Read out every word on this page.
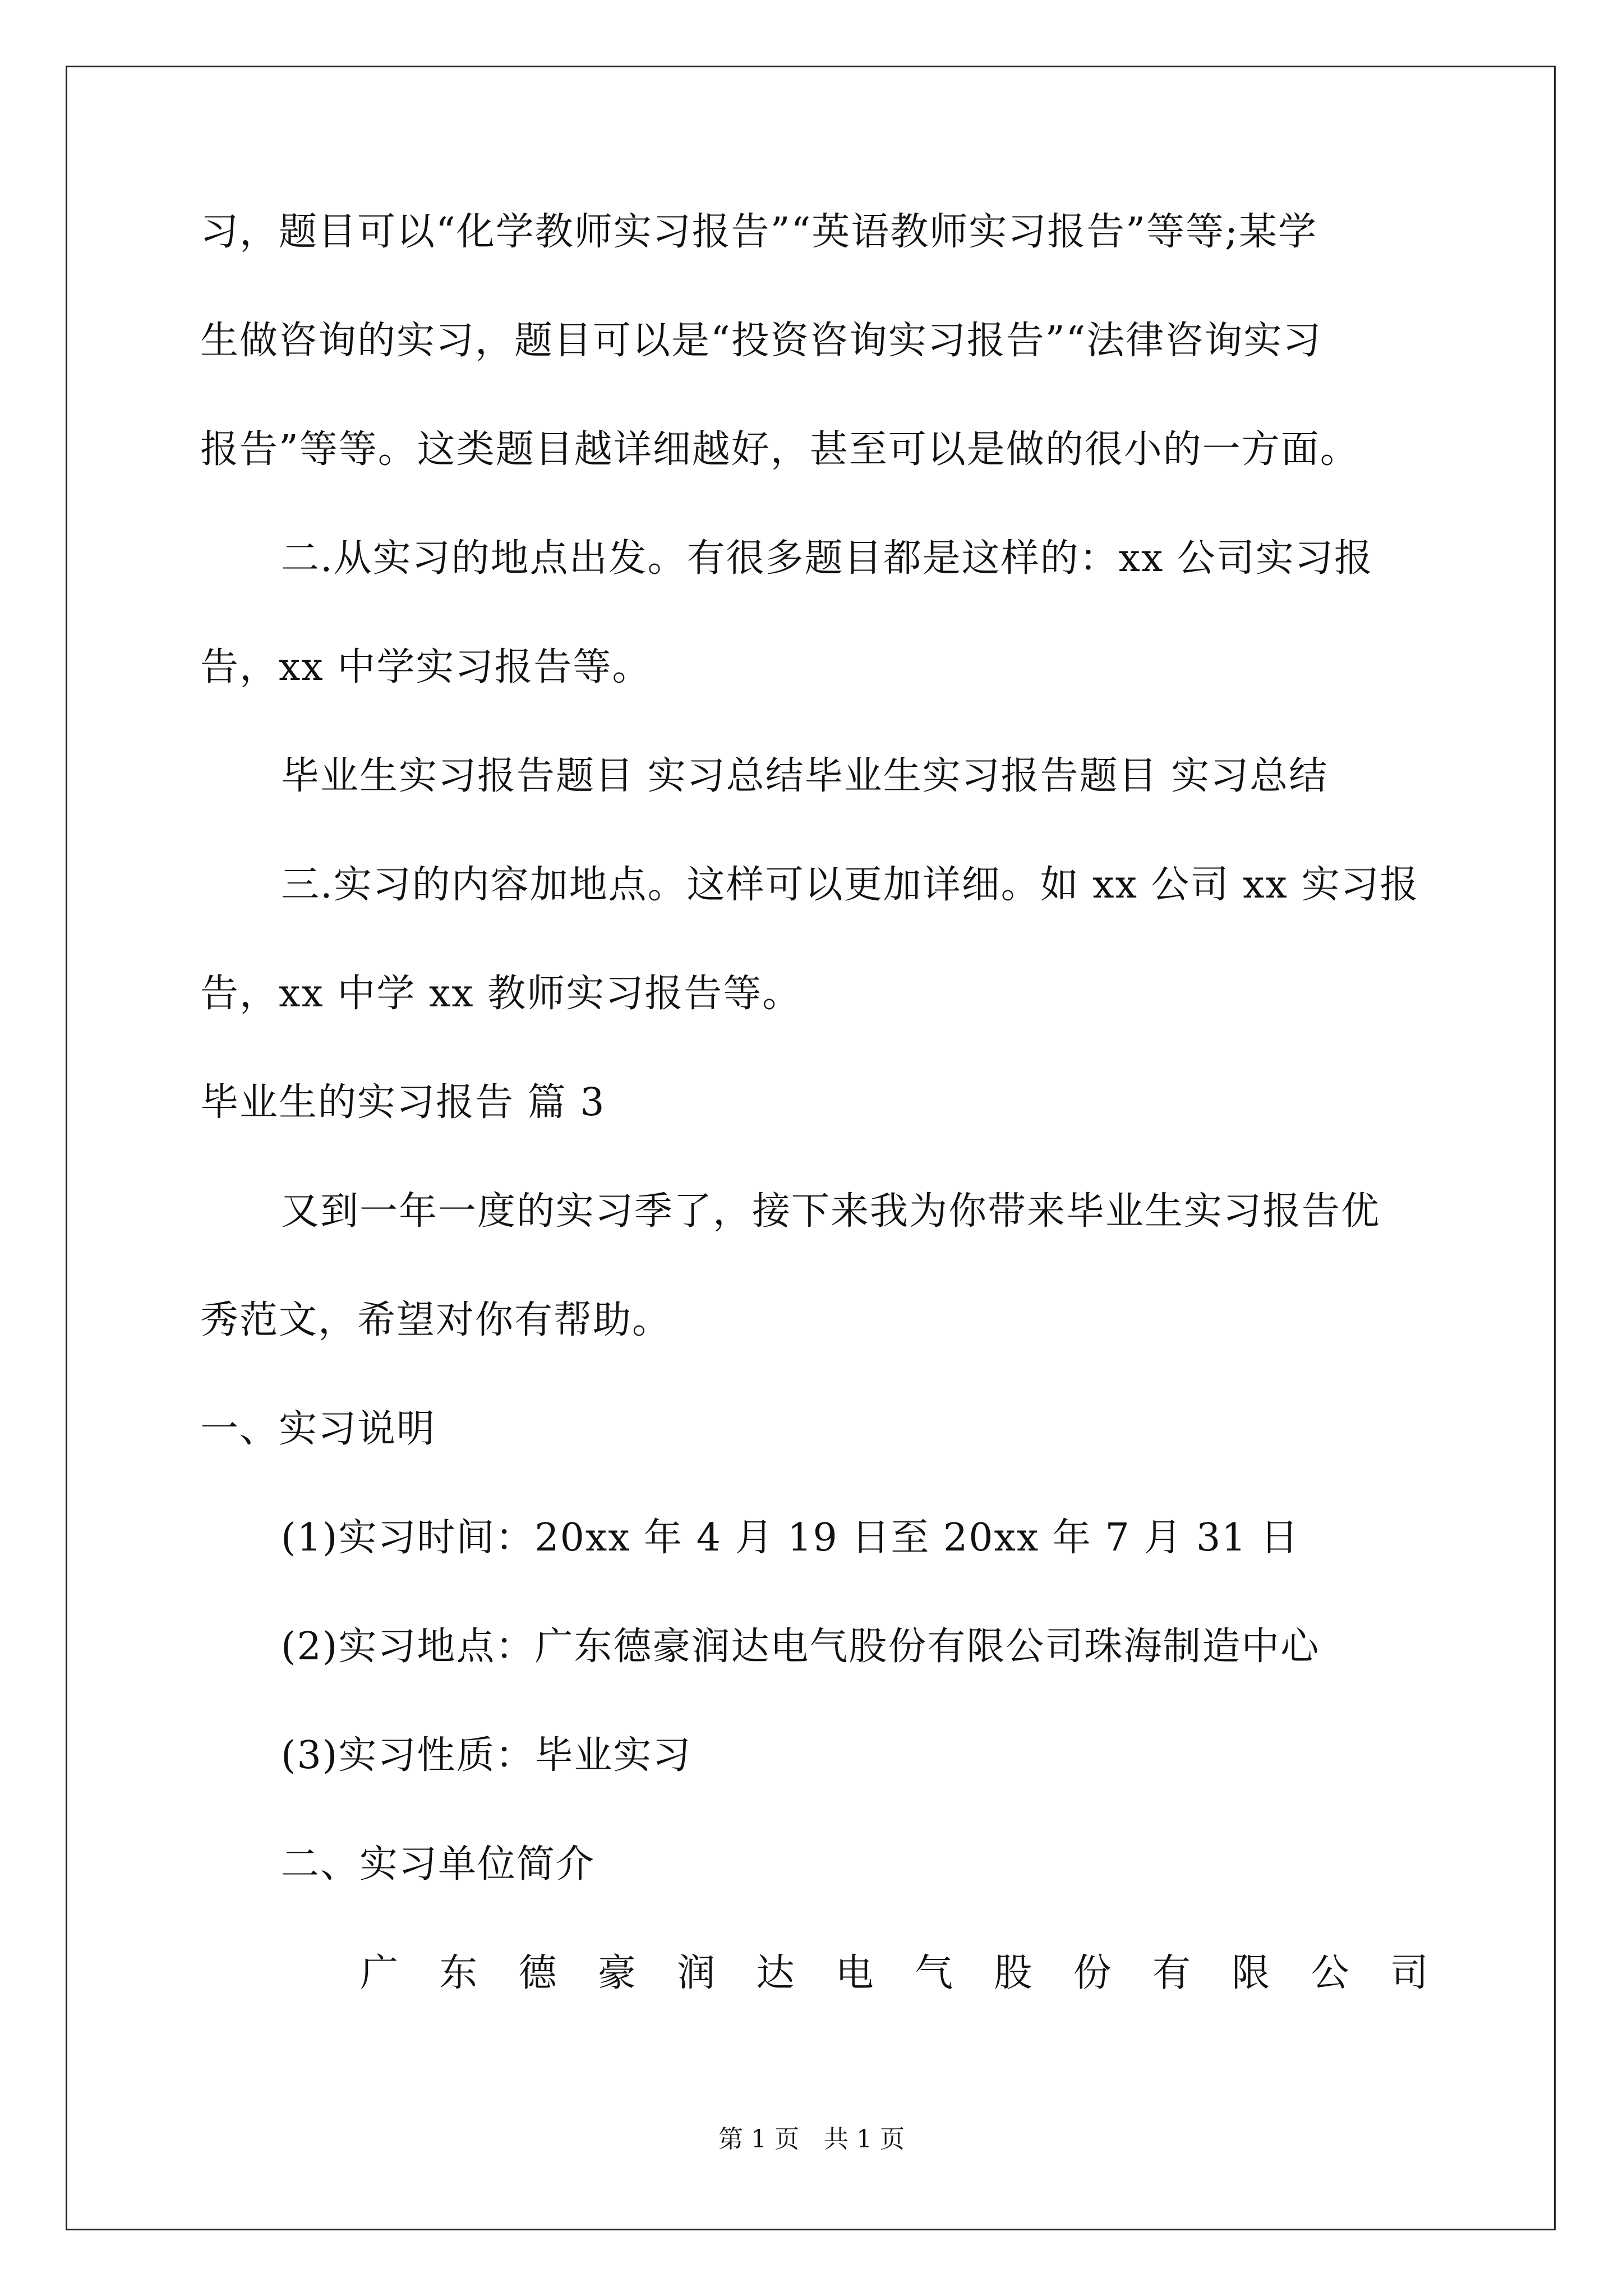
习，题目可以“化学教师实习报告”“英语教师实习报告”等等;某学
生做咨询的实习，题目可以是“投资咨询实习报告”“法律咨询实习
报告”等等。这类题目越详细越好，甚至可以是做的很小的一方面。
二.从实习的地点出发。有很多题目都是这样的：xx 公司实习报
告，xx 中学实习报告等。
毕业生实习报告题目 实习总结毕业生实习报告题目 实习总结
三.实习的内容加地点。这样可以更加详细。如 xx 公司 xx 实习报
告，xx 中学 xx 教师实习报告等。
毕业生的实习报告 篇 3
又到一年一度的实习季了，接下来我为你带来毕业生实习报告优
秀范文，希望对你有帮助。
一、实习说明
(1)实习时间：20xx 年 4 月 19 日至 20xx 年 7 月 31 日
(2)实习地点：广东德豪润达电气股份有限公司珠海制造中心
(3)实习性质：毕业实习
二、实习单位简介
广 东 德 豪 润 达 电 气 股 份 有 限 公 司
第 1 页　共 1 页
